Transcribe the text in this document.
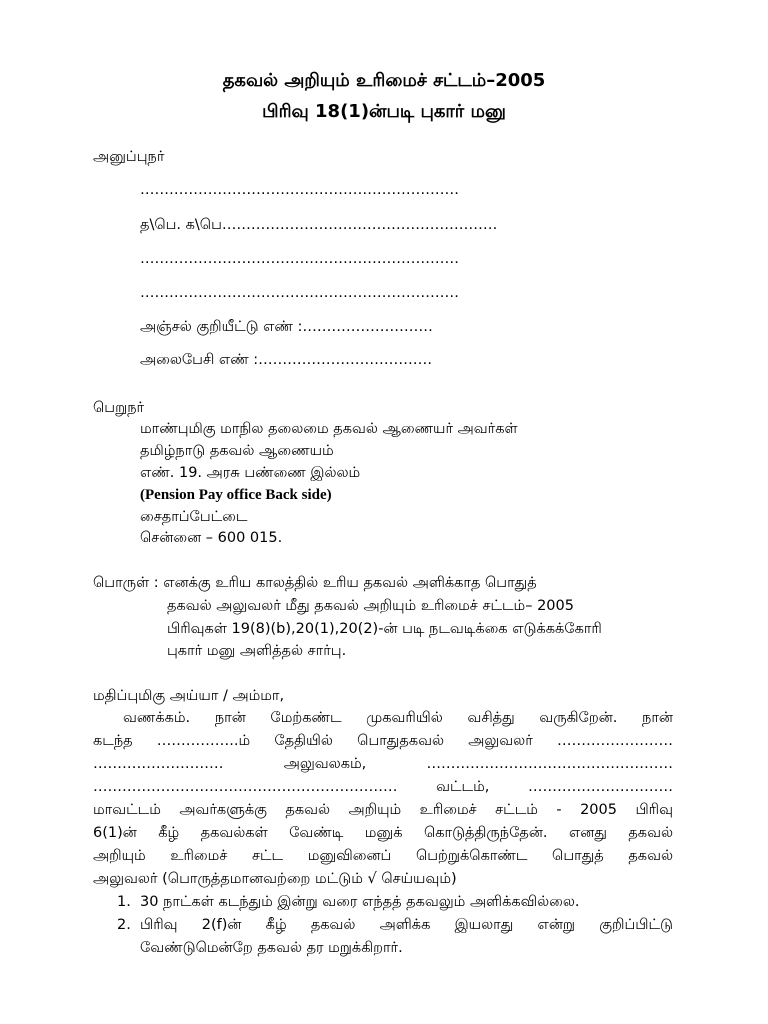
தகவல் அறியும் உரிமைச் சட்டம்–2005
பிரிவு 18(1)ன்படி புகார் மனு
அனுப்புநர்
…………………………………………………………
த\பெ. க\பெ…………………………………………………
…………………………………………………………
…………………………………………………………
அஞ்சல் குறியீட்டு எண் :………………………
அலைபேசி எண் :………………………………
பெறுநர்
மாண்புமிகு மாநில தலைமை தகவல் ஆணையர் அவர்கள்
தமிழ்நாடு தகவல் ஆணையம்
எண். 19. அரசு பண்ணை இல்லம்
(Pension Pay office Back side)
சைதாப்பேட்டை
சென்னை – 600 015.
பொருள் : எனக்கு உரிய காலத்தில் உரிய தகவல் அளிக்காத பொதுத்
தகவல் அலுவலர் மீது தகவல் அறியும் உரிமைச் சட்டம்– 2005
பிரிவுகள் 19(8)(b),20(1),20(2)-ன் படி நடவடிக்கை எடுக்கக்கோரி
புகார் மனு அளித்தல் சார்பு.
மதிப்புமிகு அய்யா / அம்மா,
வணக்கம். நான் மேற்கண்ட முகவரியில் வசித்து வருகிறேன். நான்
கடந்த ……………..ம் தேதியில் பொதுதகவல் அலுவலர் ……………………
……………………… அலுவலகம், ……………………………………………
……………………………………………………… வட்டம், …………………………
மாவட்டம் அவர்களுக்கு தகவல் அறியும் உரிமைச் சட்டம் - 2005 பிரிவு
6(1)ன் கீழ் தகவல்கள் வேண்டி மனுக் கொடுத்திருந்தேன். எனது தகவல்
அறியும் உரிமைச் சட்ட மனுவினைப் பெற்றுக்கொண்ட பொதுத் தகவல்
அலுவலர் (பொருத்தமானவற்றை மட்டும் √ செய்யவும்)
1. 30 நாட்கள் கடந்தும் இன்று வரை எந்தத் தகவலும் அளிக்கவில்லை.
2. பிரிவு 2(f)ன் கீழ் தகவல் அளிக்க இயலாது என்று குறிப்பிட்டு
வேண்டுமென்றே தகவல் தர மறுக்கிறார்.
